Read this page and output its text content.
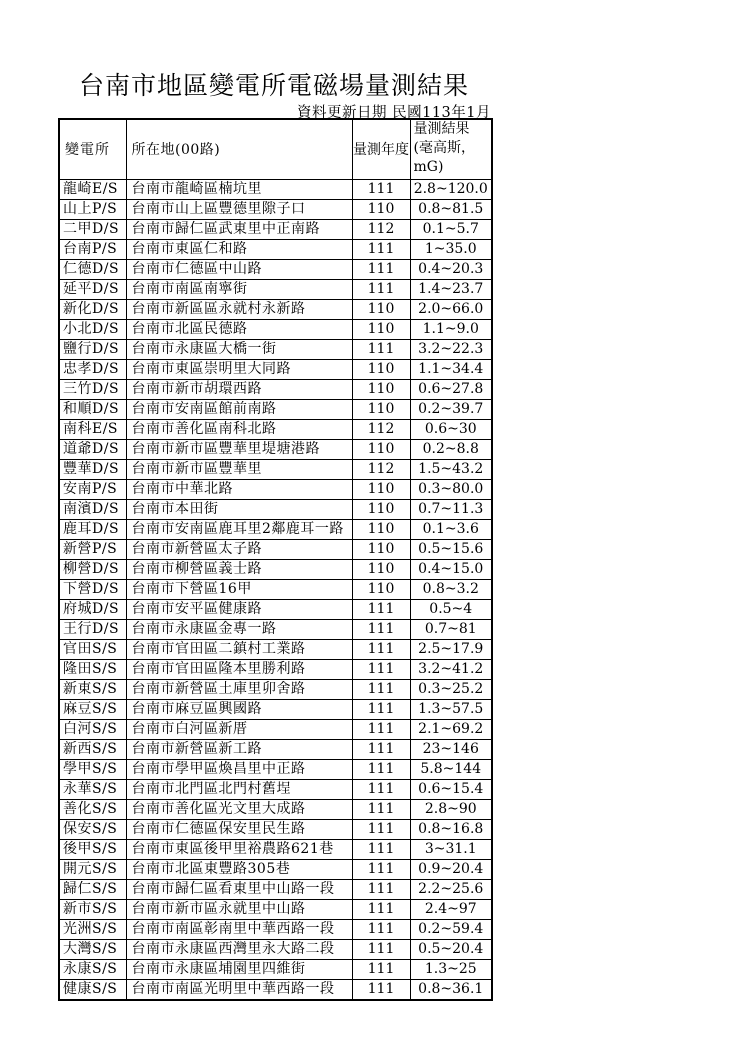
台南市地區變電所電磁場量測結果
資料更新日期 民國113年1月
變電所	所在地(00路)	量測年度	量測結果
(毫高斯，
mG)

龍崎E/S	台南市龍崎區楠坑里	111	2.8~120.0
山上P/S	台南市山上區豐德里隙子口	110	0.8~81.5
二甲D/S	台南市歸仁區武東里中正南路	112	0.1~5.7
台南P/S	台南市東區仁和路	111	1~35.0
仁德D/S	台南市仁德區中山路	111	0.4~20.3
延平D/S	台南市南區南寧街	111	1.4~23.7
新化D/S	台南市新區區永就村永新路	110	2.0~66.0
小北D/S	台南市北區民德路	110	1.1~9.0
鹽行D/S	台南市永康區大橋一街	111	3.2~22.3
忠孝D/S	台南市東區崇明里大同路	110	1.1~34.4
三竹D/S	台南市新市胡環西路	110	0.6~27.8
和順D/S	台南市安南區館前南路	110	0.2~39.7
南科E/S	台南市善化區南科北路	112	0.6~30
道爺D/S	台南市新市區豐華里堤塘港路	110	0.2~8.8
豐華D/S	台南市新市區豐華里	112	1.5~43.2
安南P/S	台南市中華北路	110	0.3~80.0
南濱D/S	台南市本田街	110	0.7~11.3
鹿耳D/S	台南市安南區鹿耳里2鄰鹿耳一路	110	0.1~3.6
新營P/S	台南市新營區太子路	110	0.5~15.6
柳營D/S	台南市柳營區義士路	110	0.4~15.0
下營D/S	台南市下營區16甲	110	0.8~3.2
府城D/S	台南市安平區健康路	111	0.5~4
王行D/S	台南市永康區金專一路	111	0.7~81
官田S/S	台南市官田區二鎮村工業路	111	2.5~17.9
隆田S/S	台南市官田區隆本里勝利路	111	3.2~41.2
新東S/S	台南市新營區土庫里卯舍路	111	0.3~25.2
麻豆S/S	台南市麻豆區興國路	111	1.3~57.5
白河S/S	台南市白河區新厝	111	2.1~69.2
新西S/S	台南市新營區新工路	111	23~146
學甲S/S	台南市學甲區煥昌里中正路	111	5.8~144
永華S/S	台南市北門區北門村舊埕	111	0.6~15.4
善化S/S	台南市善化區光文里大成路	111	2.8~90
保安S/S	台南市仁德區保安里民生路	111	0.8~16.8
後甲S/S	台南市東區後甲里裕農路621巷	111	3~31.1
開元S/S	台南市北區東豐路305巷	111	0.9~20.4
歸仁S/S	台南市歸仁區看東里中山路一段	111	2.2~25.6
新市S/S	台南市新市區永就里中山路	111	2.4~97
光洲S/S	台南市南區彰南里中華西路一段	111	0.2~59.4
大灣S/S	台南市永康區西灣里永大路二段	111	0.5~20.4
永康S/S	台南市永康區埔園里四維街	111	1.3~25
健康S/S	台南市南區光明里中華西路一段	111	0.8~36.1
